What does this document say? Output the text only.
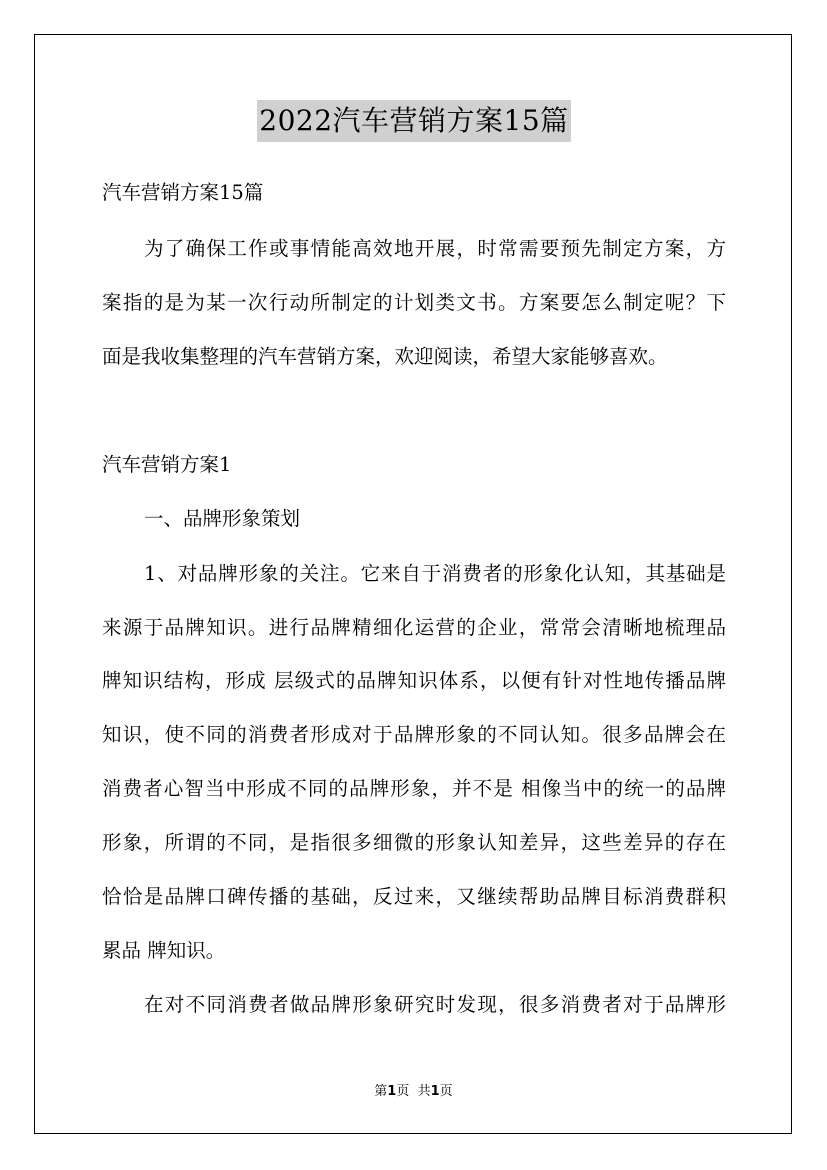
2022汽车营销方案15篇
汽车营销方案15篇
为了确保工作或事情能高效地开展，时常需要预先制定方案，方
案指的是为某一次行动所制定的计划类文书。方案要怎么制定呢？下
面是我收集整理的汽车营销方案，欢迎阅读，希望大家能够喜欢。
汽车营销方案1
一、品牌形象策划
1、对品牌形象的关注。它来自于消费者的形象化认知，其基础是
来源于品牌知识。进行品牌精细化运营的企业，常常会清晰地梳理品
牌知识结构，形成 层级式的品牌知识体系，以便有针对性地传播品牌
知识，使不同的消费者形成对于品牌形象的不同认知。很多品牌会在
消费者心智当中形成不同的品牌形象，并不是 相像当中的统一的品牌
形象，所谓的不同，是指很多细微的形象认知差异，这些差异的存在
恰恰是品牌口碑传播的基础，反过来，又继续帮助品牌目标消费群积
累品 牌知识。
在对不同消费者做品牌形象研究时发现，很多消费者对于品牌形
第1页 共1页
